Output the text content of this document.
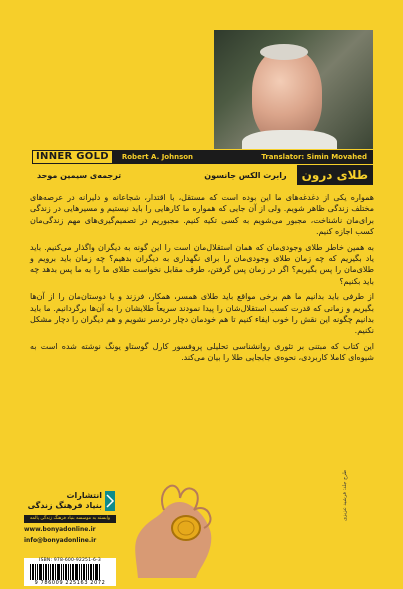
INNER GOLD	Robert A. Johnson	Translator: Simin Movahed
طلای درون
رابرت الکس جانسون
ترجمه‌ی سیمین موحد

همواره یکی از دغدغه‌های ما این بوده است که مستقل، با اقتدار، شجاعانه و دلیرانه در عرصه‌های مختلف زندگی ظاهر شویم. ولی از آن جایی که همواره ما کارهایی را باید نیستیم و مسیرهایی در زندگی برای‌مان ناشناخت، مجبور می‌شویم به کسی تکیه کنیم. مجبوریم در تصمیم‌گیری‌های مهم زندگی‌مان کسب اجازه کنیم.

به همین خاطر طلای وجودی‌مان که همان استقلال‌مان است را این گونه به دیگران واگذار می‌کنیم. باید یاد بگیریم که چه زمان طلای وجودی‌مان را برای نگهداری به دیگران بدهیم؟ چه زمان باید برویم و طلای‌مان را پس بگیریم؟ اگر در زمان پس گرفتن، طرف مقابل نخواست طلای ما را به ما پس بدهد چه باید بکنیم؟

از طرفی باید بدانیم ما هم برخی مواقع باید طلای همسر، همکار، فرزند و یا دوستان‌مان را از آن‌ها بگیریم و زمانی که قدرت کسب استقلال‌شان را پیدا نمودند سریعاً طلایشان را به آن‌ها برگردانیم. ما باید بدانیم چگونه این نقش را خوب ایفاء کنیم تا هم خودمان دچار دردسر نشویم و هم دیگران را دچار مشکل نکنیم.

این کتاب که مبتنی بر تئوری روانشناسی تحلیلی پروفسور کارل گوستاو یونگ نوشته شده است به شیوه‌ای کاملا کاربردی، نحوه‌ی جابجایی طلا را بیان می‌کند.

طرح جلد: فرشید عزیزی
انتشارات
بنیاد فرهنگ زندگی
وابسته به موسسه بنیاد فرهنگ زندگی پالمه
www.bonyadonline.ir
info@bonyadonline.ir
ISBN: 978-600-92251-6-3
9 786009 225163 2072
